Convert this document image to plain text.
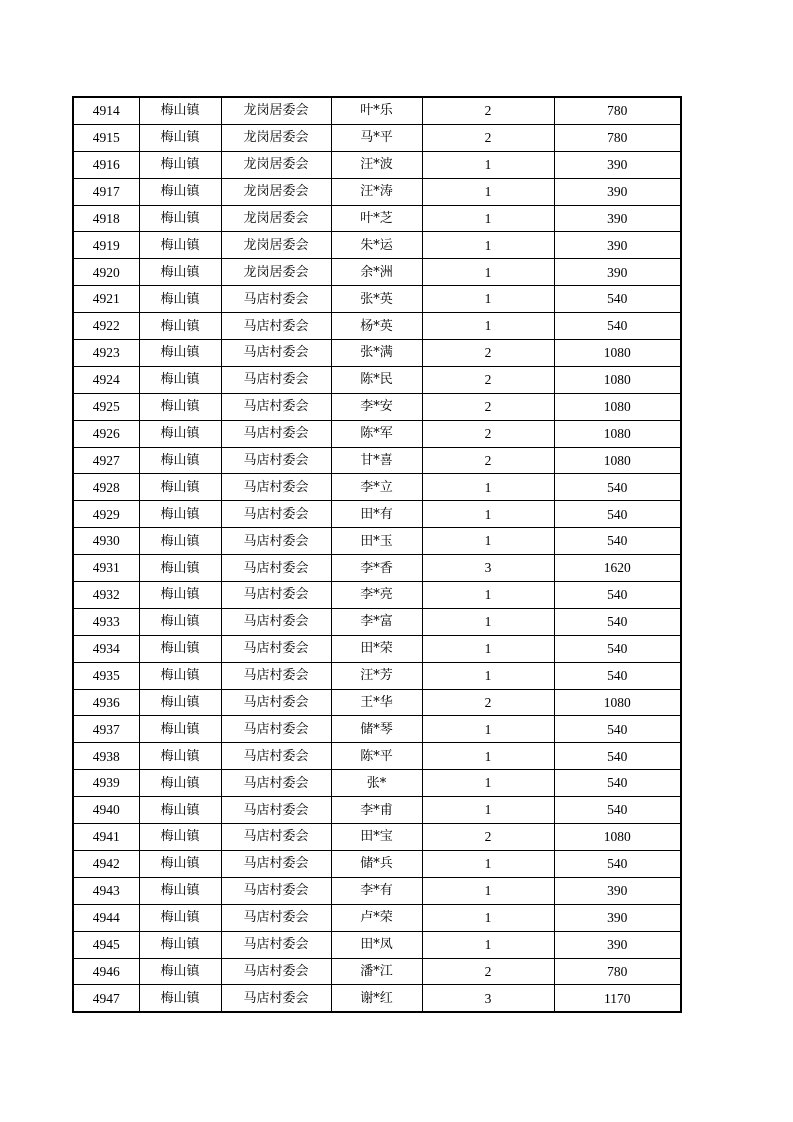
4914	梅山镇	龙岗居委会	叶*乐	2	780
4915	梅山镇	龙岗居委会	马*平	2	780
4916	梅山镇	龙岗居委会	汪*波	1	390
4917	梅山镇	龙岗居委会	汪*涛	1	390
4918	梅山镇	龙岗居委会	叶*芝	1	390
4919	梅山镇	龙岗居委会	朱*运	1	390
4920	梅山镇	龙岗居委会	余*洲	1	390
4921	梅山镇	马店村委会	张*英	1	540
4922	梅山镇	马店村委会	杨*英	1	540
4923	梅山镇	马店村委会	张*满	2	1080
4924	梅山镇	马店村委会	陈*民	2	1080
4925	梅山镇	马店村委会	李*安	2	1080
4926	梅山镇	马店村委会	陈*军	2	1080
4927	梅山镇	马店村委会	甘*喜	2	1080
4928	梅山镇	马店村委会	李*立	1	540
4929	梅山镇	马店村委会	田*有	1	540
4930	梅山镇	马店村委会	田*玉	1	540
4931	梅山镇	马店村委会	李*香	3	1620
4932	梅山镇	马店村委会	李*亮	1	540
4933	梅山镇	马店村委会	李*富	1	540
4934	梅山镇	马店村委会	田*荣	1	540
4935	梅山镇	马店村委会	汪*芳	1	540
4936	梅山镇	马店村委会	王*华	2	1080
4937	梅山镇	马店村委会	储*琴	1	540
4938	梅山镇	马店村委会	陈*平	1	540
4939	梅山镇	马店村委会	张*	1	540
4940	梅山镇	马店村委会	李*甫	1	540
4941	梅山镇	马店村委会	田*宝	2	1080
4942	梅山镇	马店村委会	储*兵	1	540
4943	梅山镇	马店村委会	李*有	1	390
4944	梅山镇	马店村委会	卢*荣	1	390
4945	梅山镇	马店村委会	田*凤	1	390
4946	梅山镇	马店村委会	潘*江	2	780
4947	梅山镇	马店村委会	谢*红	3	1170
